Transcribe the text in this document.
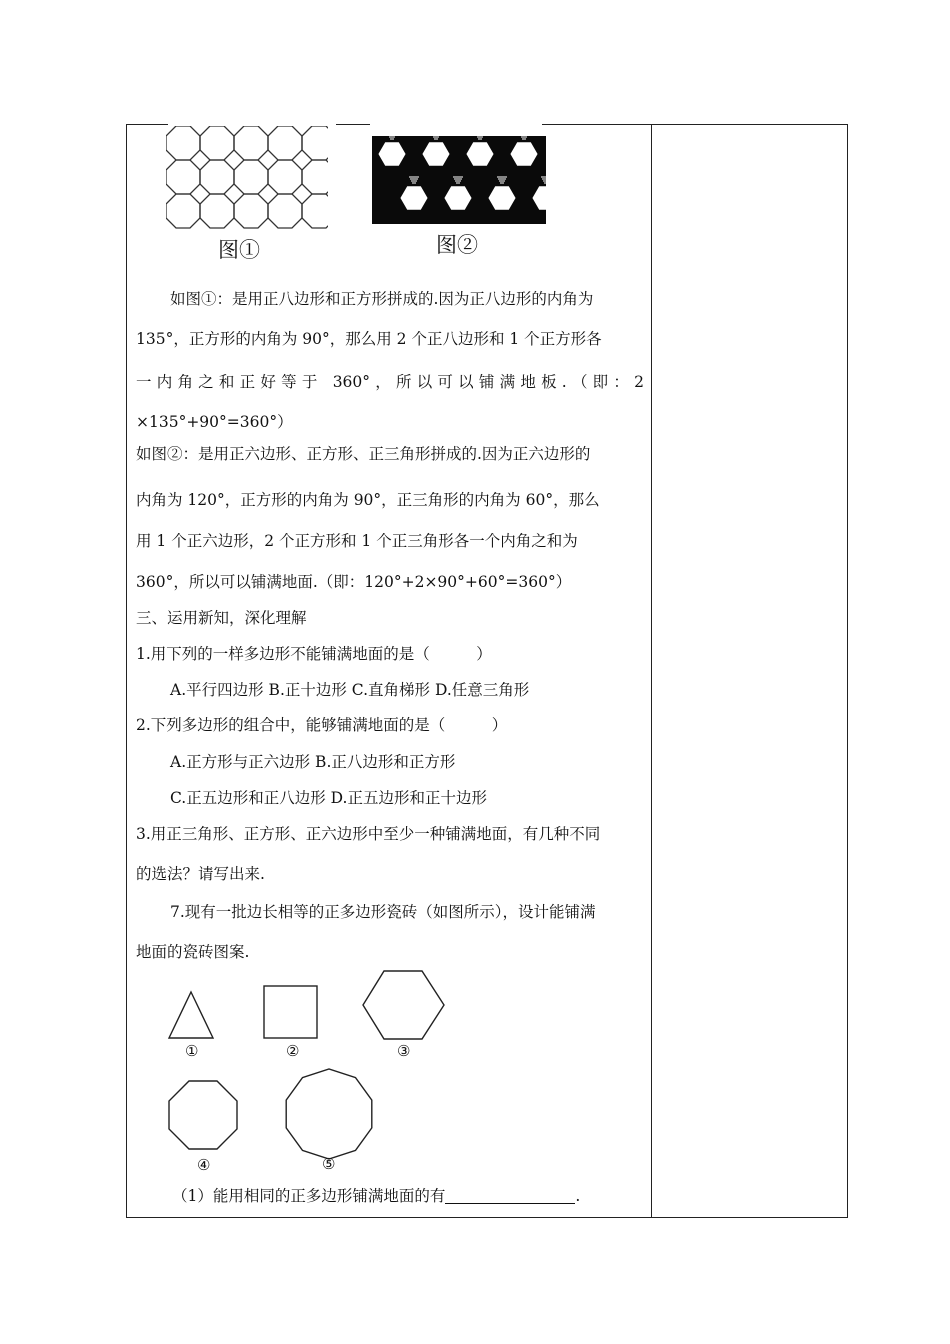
图①	图②
如图①：是用正八边形和正方形拼成的.因为正八边形的内角为
135°，正方形的内角为 90°，那么用 2 个正八边形和 1 个正方形各
一内角之和正好等于 360°，所以可以铺满地板.（即：2
×135°+90°=360°）
如图②：是用正六边形、正方形、正三角形拼成的.因为正六边形的
内角为 120°，正方形的内角为 90°，正三角形的内角为 60°，那么
用 1 个正六边形，2 个正方形和 1 个正三角形各一个内角之和为
360°，所以可以铺满地面.（即：120°+2×90°+60°=360°）
三、运用新知，深化理解
1.用下列的一样多边形不能铺满地面的是（　　　）
A.平行四边形 B.正十边形 C.直角梯形 D.任意三角形
2.下列多边形的组合中，能够铺满地面的是（　　　）
A.正方形与正六边形 B.正八边形和正方形
C.正五边形和正八边形 D.正五边形和正十边形
3.用正三角形、正方形、正六边形中至少一种铺满地面，有几种不同
的选法？请写出来.
7.现有一批边长相等的正多边形瓷砖（如图所示），设计能铺满
地面的瓷砖图案.
①	②	③
④	⑤
（1）能用相同的正多边形铺满地面的有	.
